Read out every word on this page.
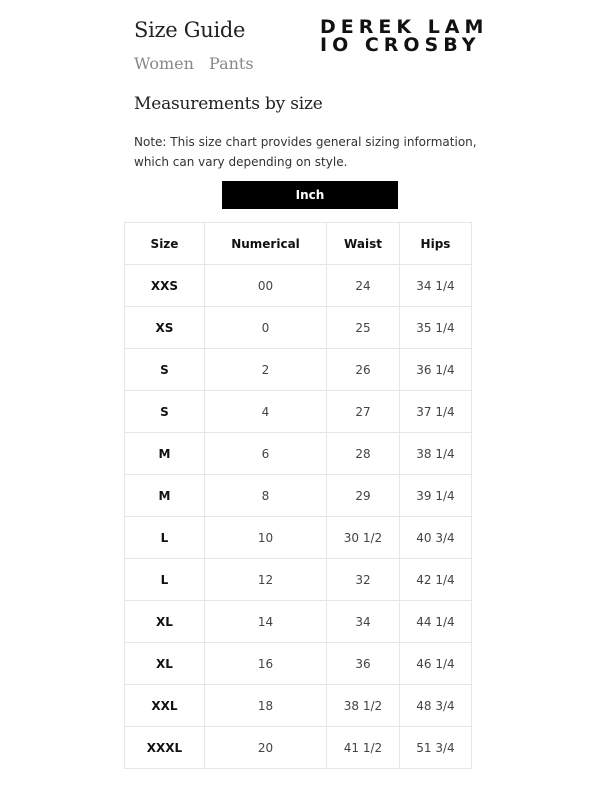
Size Guide
Women Pants
DEREK LAM
IO CROSBY
Measurements by size
Note: This size chart provides general sizing information, which can vary depending on style.
Inch
Size	Numerical	Waist	Hips
XXS	00	24	34 1/4
XS	0	25	35 1/4
S	2	26	36 1/4
S	4	27	37 1/4
M	6	28	38 1/4
M	8	29	39 1/4
L	10	30 1/2	40 3/4
L	12	32	42 1/4
XL	14	34	44 1/4
XL	16	36	46 1/4
XXL	18	38 1/2	48 3/4
XXXL	20	41 1/2	51 3/4
